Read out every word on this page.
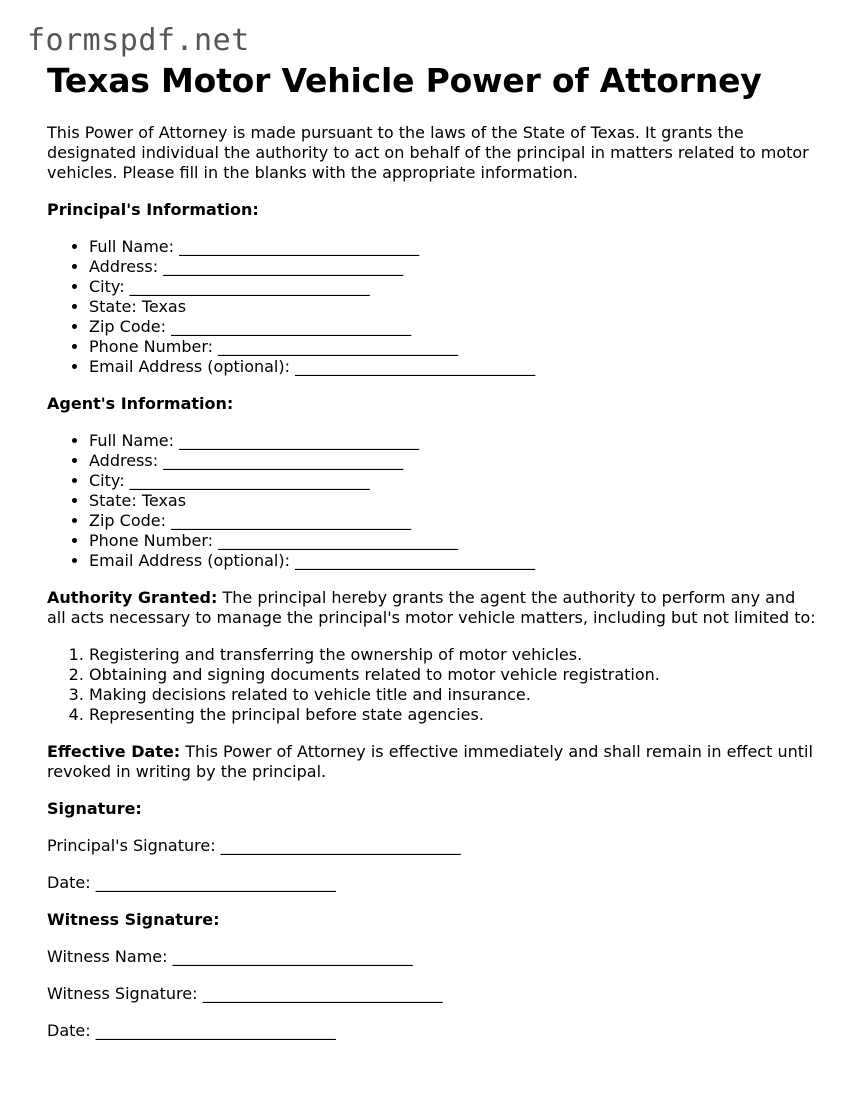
formspdf.net
Texas Motor Vehicle Power of Attorney

This Power of Attorney is made pursuant to the laws of the State of Texas. It grants the designated individual the authority to act on behalf of the principal in matters related to motor vehicles. Please fill in the blanks with the appropriate information.

Principal's Information:

• Full Name: ______________________________
• Address: ______________________________
• City: ______________________________
• State: Texas
• Zip Code: ______________________________
• Phone Number: ______________________________
• Email Address (optional): ______________________________

Agent's Information:

• Full Name: ______________________________
• Address: ______________________________
• City: ______________________________
• State: Texas
• Zip Code: ______________________________
• Phone Number: ______________________________
• Email Address (optional): ______________________________

Authority Granted: The principal hereby grants the agent the authority to perform any and all acts necessary to manage the principal's motor vehicle matters, including but not limited to:

1. Registering and transferring the ownership of motor vehicles.
2. Obtaining and signing documents related to motor vehicle registration.
3. Making decisions related to vehicle title and insurance.
4. Representing the principal before state agencies.

Effective Date: This Power of Attorney is effective immediately and shall remain in effect until revoked in writing by the principal.

Signature:

Principal's Signature: ______________________________

Date: ______________________________

Witness Signature:

Witness Name: ______________________________

Witness Signature: ______________________________

Date: ______________________________
